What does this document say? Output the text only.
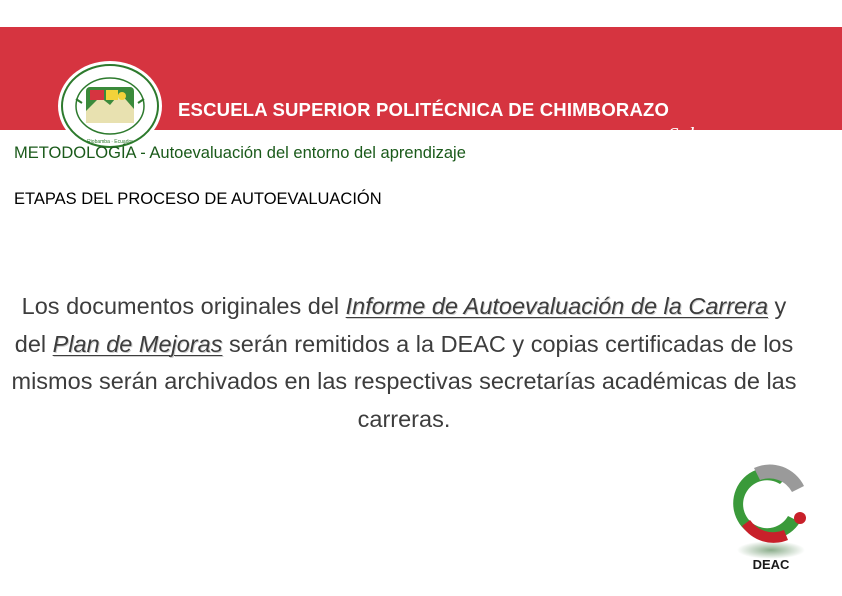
Riobamba · Ecuador
ESCUELA SUPERIOR POLITÉCNICA DE CHIMBORAZO
Saber para ser
METODOLOGÍA - Autoevaluación del entorno del aprendizaje
ETAPAS DEL PROCESO DE AUTOEVALUACIÓN
Los documentos originales del Informe de Autoevaluación de la Carrera y del Plan de Mejoras serán remitidos a la DEAC y copias certificadas de los mismos serán archivados en las respectivas secretarías académicas de las carreras.
DEAC
